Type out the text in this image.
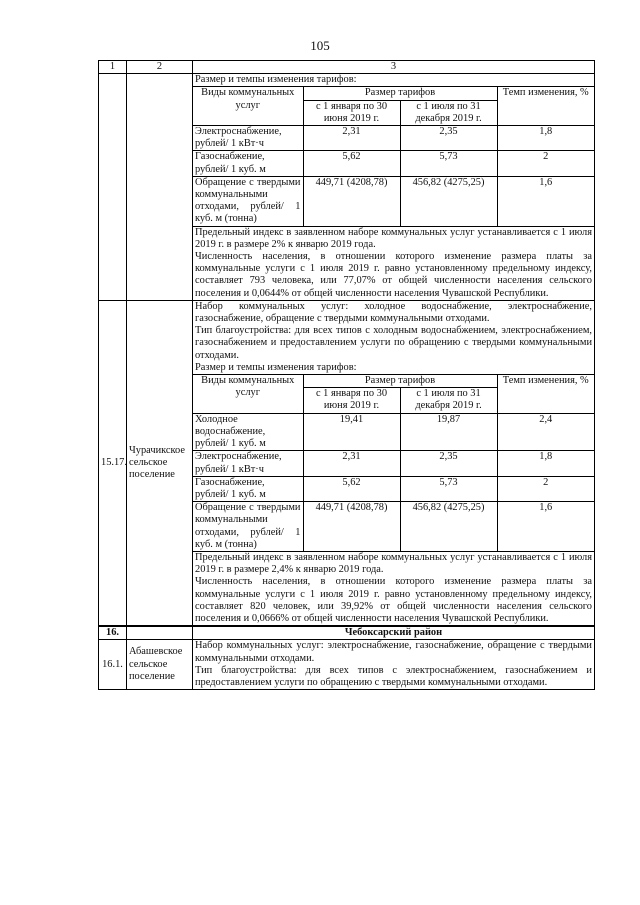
105
1	2	3

Размер и темпы изменения тарифов:

Виды коммунальных услуг	Размер тарифов	Темп изменения, %
с 1 января по 30 июня 2019 г.	с 1 июля по 31 декабря 2019 г.
Электроснабжение, рублей/ 1 кВт·ч	2,31	2,35	1,8
Газоснабжение, рублей/ 1 куб. м	5,62	5,73	2
Обращение с твердыми коммунальными отходами, рублей/ 1 куб. м (тонна)	449,71 (4208,78)	456,82 (4275,25)	1,6

Предельный индекс в заявленном наборе коммунальных услуг устанавливается с 1 июля 2019 г. в размере 2% к январю 2019 года.

Численность населения, в отношении которого изменение размера платы за коммунальные услуги с 1 июля 2019 г. равно установленному предельному индексу, составляет 793 человека, или 77,07% от общей численности населения сельского поселения и 0,0644% от общей численности населения Чувашской Республики.

15.17.	Чурачикское сельское поселение	

Набор коммунальных услуг: холодное водоснабжение, электроснабжение, газоснабжение, обращение с твердыми коммунальными отходами.

Тип благоустройства: для всех типов с холодным водоснабжением, электроснабжением, газоснабжением и предоставлением услуги по обращению с твердыми коммунальными отходами.

Размер и темпы изменения тарифов:

Виды коммунальных услуг	Размер тарифов	Темп изменения, %
с 1 января по 30 июня 2019 г.	с 1 июля по 31 декабря 2019 г.
Холодное водоснабжение, рублей/ 1 куб. м	19,41	19,87	2,4
Электроснабжение, рублей/ 1 кВт·ч	2,31	2,35	1,8
Газоснабжение, рублей/ 1 куб. м	5,62	5,73	2
Обращение с твердыми коммунальными отходами, рублей/ 1 куб. м (тонна)	449,71 (4208,78)	456,82 (4275,25)	1,6

Предельный индекс в заявленном наборе коммунальных услуг устанавливается с 1 июля 2019 г. в размере 2,4% к январю 2019 года.

Численность населения, в отношении которого изменение размера платы за коммунальные услуги с 1 июля 2019 г. равно установленному предельному индексу, составляет 820 человек, или 39,92% от общей численности населения сельского поселения и 0,0666% от общей численности населения Чувашской Республики.

16.		Чебоксарский район
16.1.	Абашевское сельское поселение	

Набор коммунальных услуг: электроснабжение, газоснабжение, обращение с твердыми коммунальными отходами.

Тип благоустройства: для всех типов с электроснабжением, газоснабжением и предоставлением услуги по обращению с твердыми коммунальными отходами.
